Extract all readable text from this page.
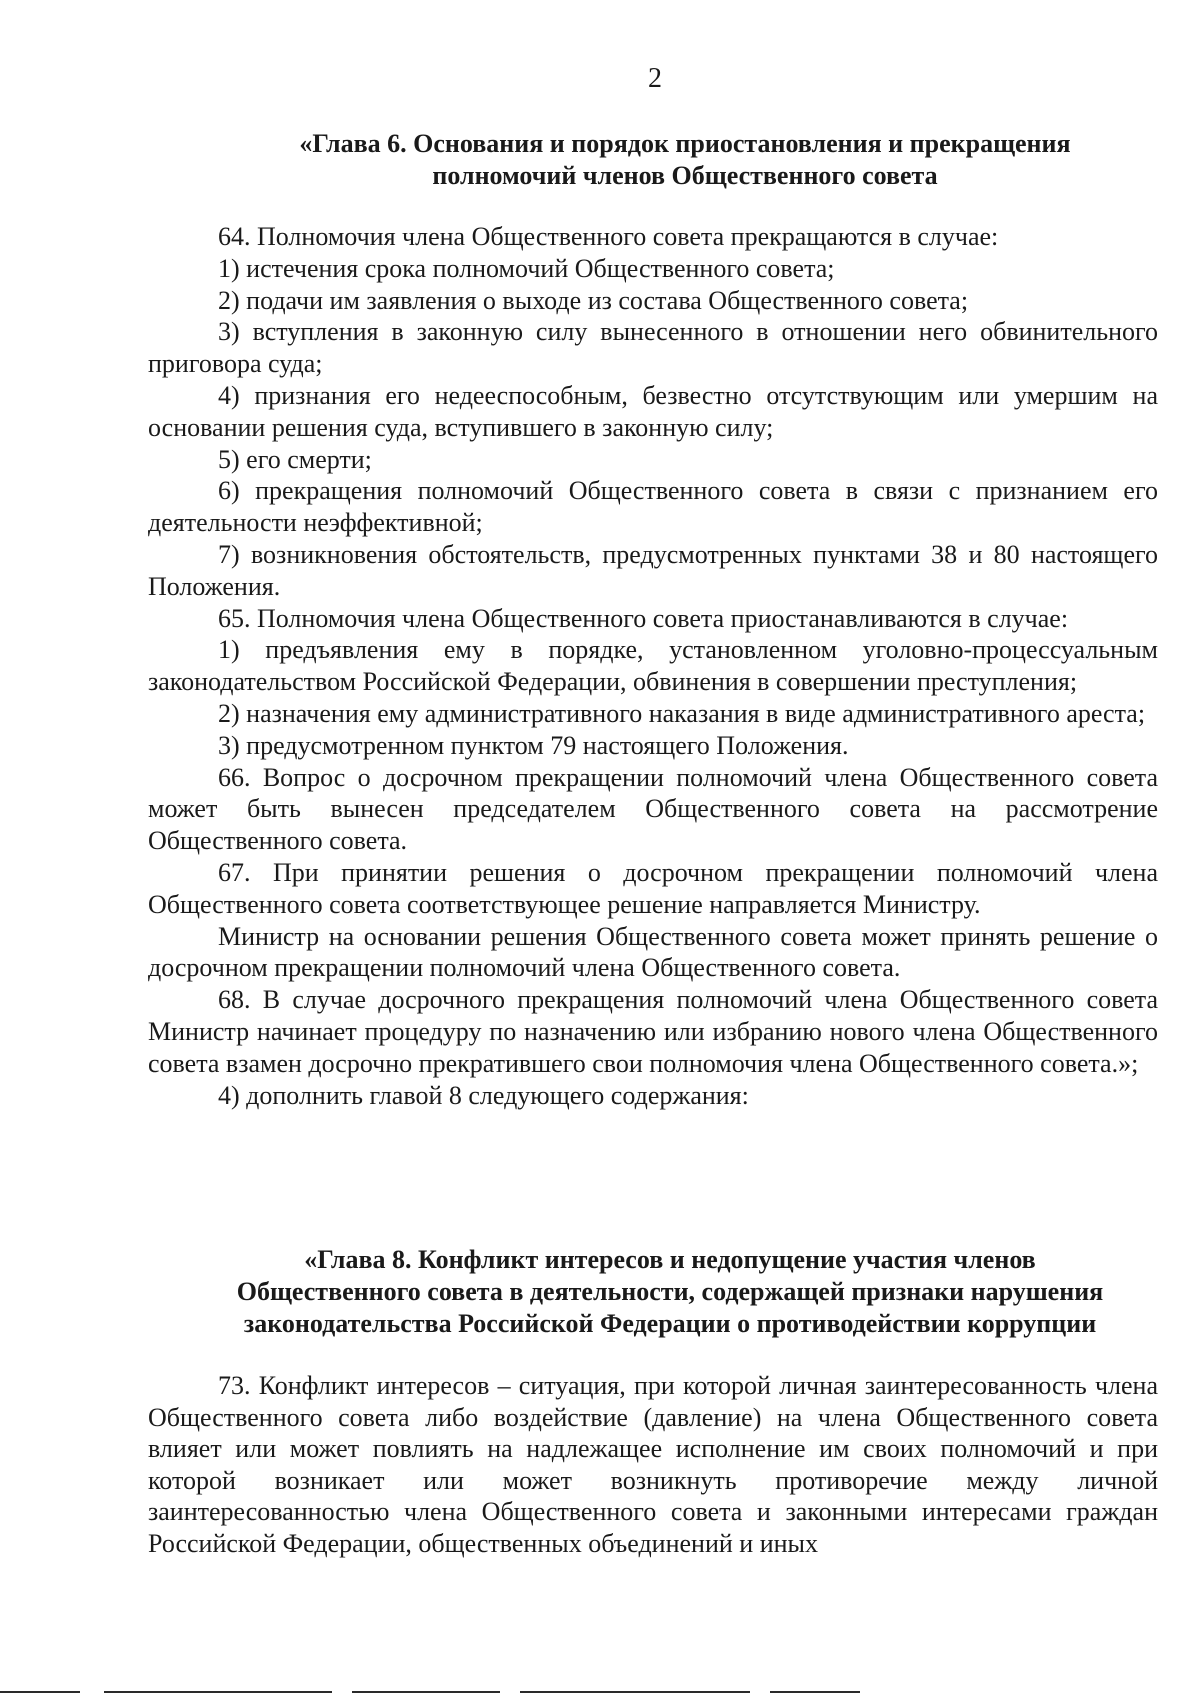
2
«Глава 6. Основания и порядок приостановления и прекращения
полномочий членов Общественного совета

64. Полномочия члена Общественного совета прекращаются в случае:

1) истечения срока полномочий Общественного совета;

2) подачи им заявления о выходе из состава Общественного совета;

3) вступления в законную силу вынесенного в отношении него обвинительного приговора суда;

4) признания его недееспособным, безвестно отсутствующим или умершим на основании решения суда, вступившего в законную силу;

5) его смерти;

6) прекращения полномочий Общественного совета в связи с признанием его деятельности неэффективной;

7) возникновения обстоятельств, предусмотренных пунктами 38 и 80 настоящего Положения.

65. Полномочия члена Общественного совета приостанавливаются в случае:

1) предъявления ему в порядке, установленном уголовно-процессуальным законодательством Российской Федерации, обвинения в совершении преступления;

2) назначения ему административного наказания в виде административного ареста;

3) предусмотренном пунктом 79 настоящего Положения.

66. Вопрос о досрочном прекращении полномочий члена Общественного совета может быть вынесен председателем Общественного совета на рассмотрение Общественного совета.

67. При принятии решения о досрочном прекращении полномочий члена Общественного совета соответствующее решение направляется Министру.

Министр на основании решения Общественного совета может принять решение о досрочном прекращении полномочий члена Общественного совета.

68. В случае досрочного прекращения полномочий члена Общественного совета Министр начинает процедуру по назначению или избранию нового члена Общественного совета взамен досрочно прекратившего свои полномочия члена Общественного совета.»;

4) дополнить главой 8 следующего содержания:

«Глава 8. Конфликт интересов и недопущение участия членов
Общественного совета в деятельности, содержащей признаки нарушения
законодательства Российской Федерации о противодействии коррупции

73. Конфликт интересов – ситуация, при которой личная заинтересованность члена Общественного совета либо воздействие (давление) на члена Общественного совета влияет или может повлиять на надлежащее исполнение им своих полномочий и при которой возникает или может возникнуть противоречие между личной заинтересованностью члена Общественного совета и законными интересами граждан Российской Федерации, общественных объединений и иных
